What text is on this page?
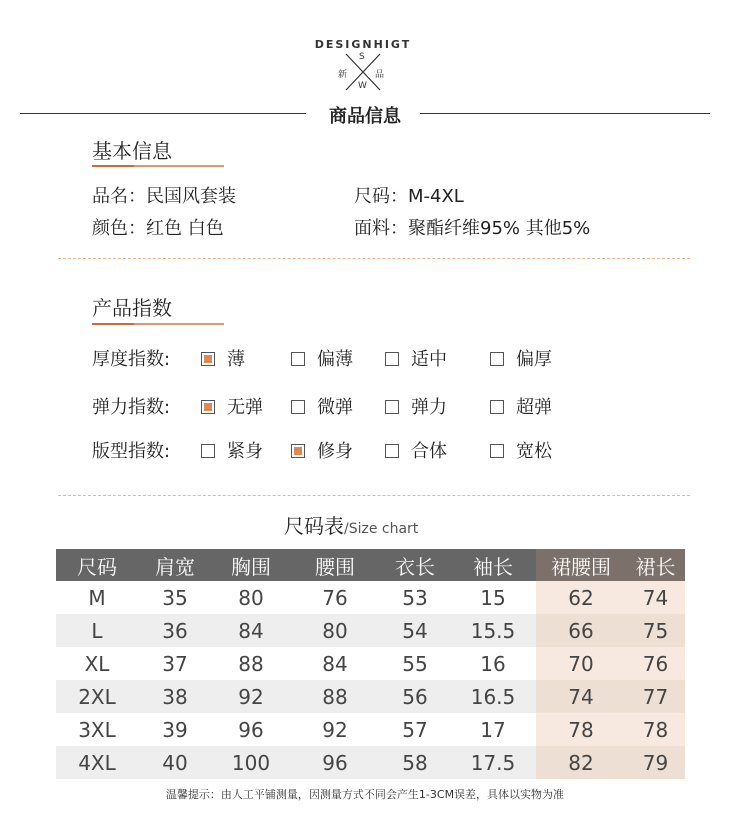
DESIGNHIGT
S
新	品
W
商品信息
基本信息
品名：民国风套装	尺码：M-4XL
颜色：红色 白色	面料：聚酯纤维95% 其他5%
产品指数
厚度指数:	薄	偏薄	适中	偏厚
弹力指数:	无弹	微弹	弹力	超弹
版型指数:	紧身	修身	合体	宽松
尺码表/Size chart
尺码	肩宽	胸围	腰围	衣长	袖长	裙腰围	裙长
M	35	80	76	53	15	62	74
L	36	84	80	54	15.5	66	75
XL	37	88	84	55	16	70	76
2XL	38	92	88	56	16.5	74	77
3XL	39	96	92	57	17	78	78
4XL	40	100	96	58	17.5	82	79
温馨提示：由人工平铺测量，因测量方式不同会产生1-3CM误差，具体以实物为准
